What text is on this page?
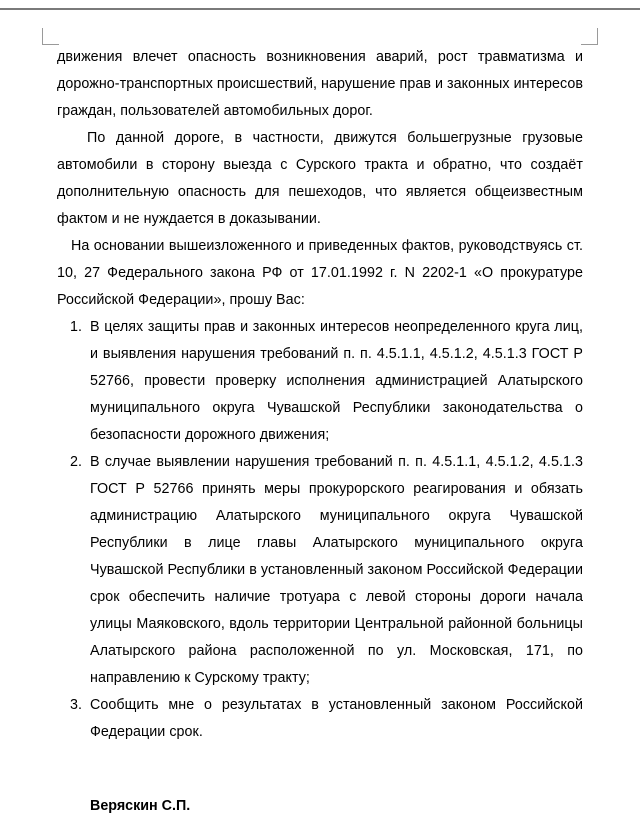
движения влечет опасность возникновения аварий, рост травматизма и дорожно-транспортных происшествий, нарушение прав и законных интересов граждан, пользователей автомобильных дорог.

По данной дороге, в частности, движутся большегрузные грузовые автомобили в сторону выезда с Сурского тракта и обратно, что создаёт дополнительную опасность для пешеходов, что является общеизвестным фактом и не нуждается в доказывании.

На основании вышеизложенного и приведенных фактов, руководствуясь ст. 10, 27 Федерального закона РФ от 17.01.1992 г. N 2202-1 «О прокуратуре Российской Федерации», прошу Вас:

В целях защиты прав и законных интересов неопределенного круга лиц, и выявления нарушения требований п. п. 4.5.1.1, 4.5.1.2, 4.5.1.3 ГОСТ Р 52766, провести проверку исполнения администрацией Алатырского муниципального округа Чувашской Республики законодательства о безопасности дорожного движения;
В случае выявлении нарушения требований п. п. 4.5.1.1, 4.5.1.2, 4.5.1.3 ГОСТ Р 52766 принять меры прокурорского реагирования и обязать администрацию Алатырского муниципального округа Чувашской Республики в лице главы Алатырского муниципального округа Чувашской Республики в установленный законом Российской Федерации срок обеспечить наличие тротуара с левой стороны дороги начала улицы Маяковского, вдоль территории Центральной районной больницы Алатырского района расположенной по ул. Московская, 171, по направлению к Сурскому тракту;
Сообщить мне о результатах в установленный законом Российской Федерации срок.
Веряскин С.П.
